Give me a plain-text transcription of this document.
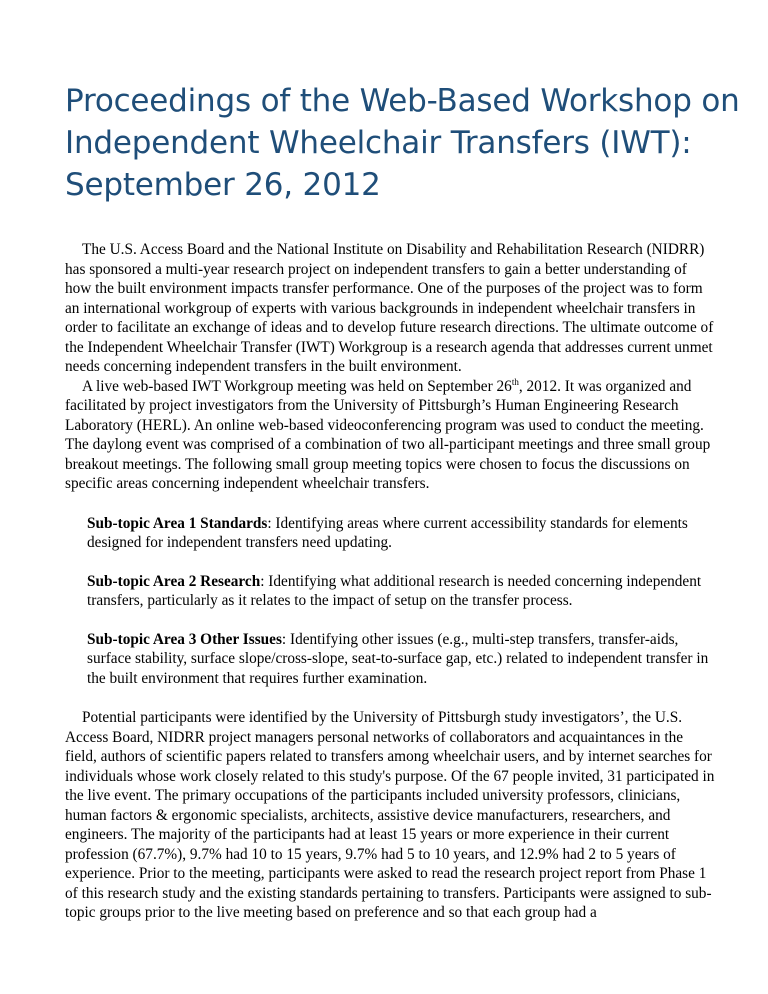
Proceedings of the Web-Based Workshop on Independent Wheelchair Transfers (IWT): September 26, 2012

The U.S. Access Board and the National Institute on Disability and Rehabilitation Research (NIDRR) has sponsored a multi-year research project on independent transfers to gain a better understanding of how the built environment impacts transfer performance. One of the purposes of the project was to form an international workgroup of experts with various backgrounds in independent wheelchair transfers in order to facilitate an exchange of ideas and to develop future research directions. The ultimate outcome of the Independent Wheelchair Transfer (IWT) Workgroup is a research agenda that addresses current unmet needs concerning independent transfers in the built environment.

A live web-based IWT Workgroup meeting was held on September 26th, 2012. It was organized and facilitated by project investigators from the University of Pittsburgh’s Human Engineering Research Laboratory (HERL). An online web-based videoconferencing program was used to conduct the meeting. The daylong event was comprised of a combination of two all-participant meetings and three small group breakout meetings. The following small group meeting topics were chosen to focus the discussions on specific areas concerning independent wheelchair transfers.

Sub-topic Area 1 Standards: Identifying areas where current accessibility standards for elements designed for independent transfers need updating.
Sub-topic Area 2 Research: Identifying what additional research is needed concerning independent transfers, particularly as it relates to the impact of setup on the transfer process.
Sub-topic Area 3 Other Issues: Identifying other issues (e.g., multi-step transfers, transfer-aids, surface stability, surface slope/cross-slope, seat-to-surface gap, etc.) related to independent transfer in the built environment that requires further examination.

Potential participants were identified by the University of Pittsburgh study investigators’, the U.S. Access Board, NIDRR project managers personal networks of collaborators and acquaintances in the field, authors of scientific papers related to transfers among wheelchair users, and by internet searches for individuals whose work closely related to this study's purpose. Of the 67 people invited, 31 participated in the live event. The primary occupations of the participants included university professors, clinicians, human factors & ergonomic specialists, architects, assistive device manufacturers, researchers, and engineers. The majority of the participants had at least 15 years or more experience in their current profession (67.7%), 9.7% had 10 to 15 years, 9.7% had 5 to 10 years, and 12.9% had 2 to 5 years of experience. Prior to the meeting, participants were asked to read the research project report from Phase 1 of this research study and the existing standards pertaining to transfers. Participants were assigned to sub-topic groups prior to the live meeting based on preference and so that each group had a
